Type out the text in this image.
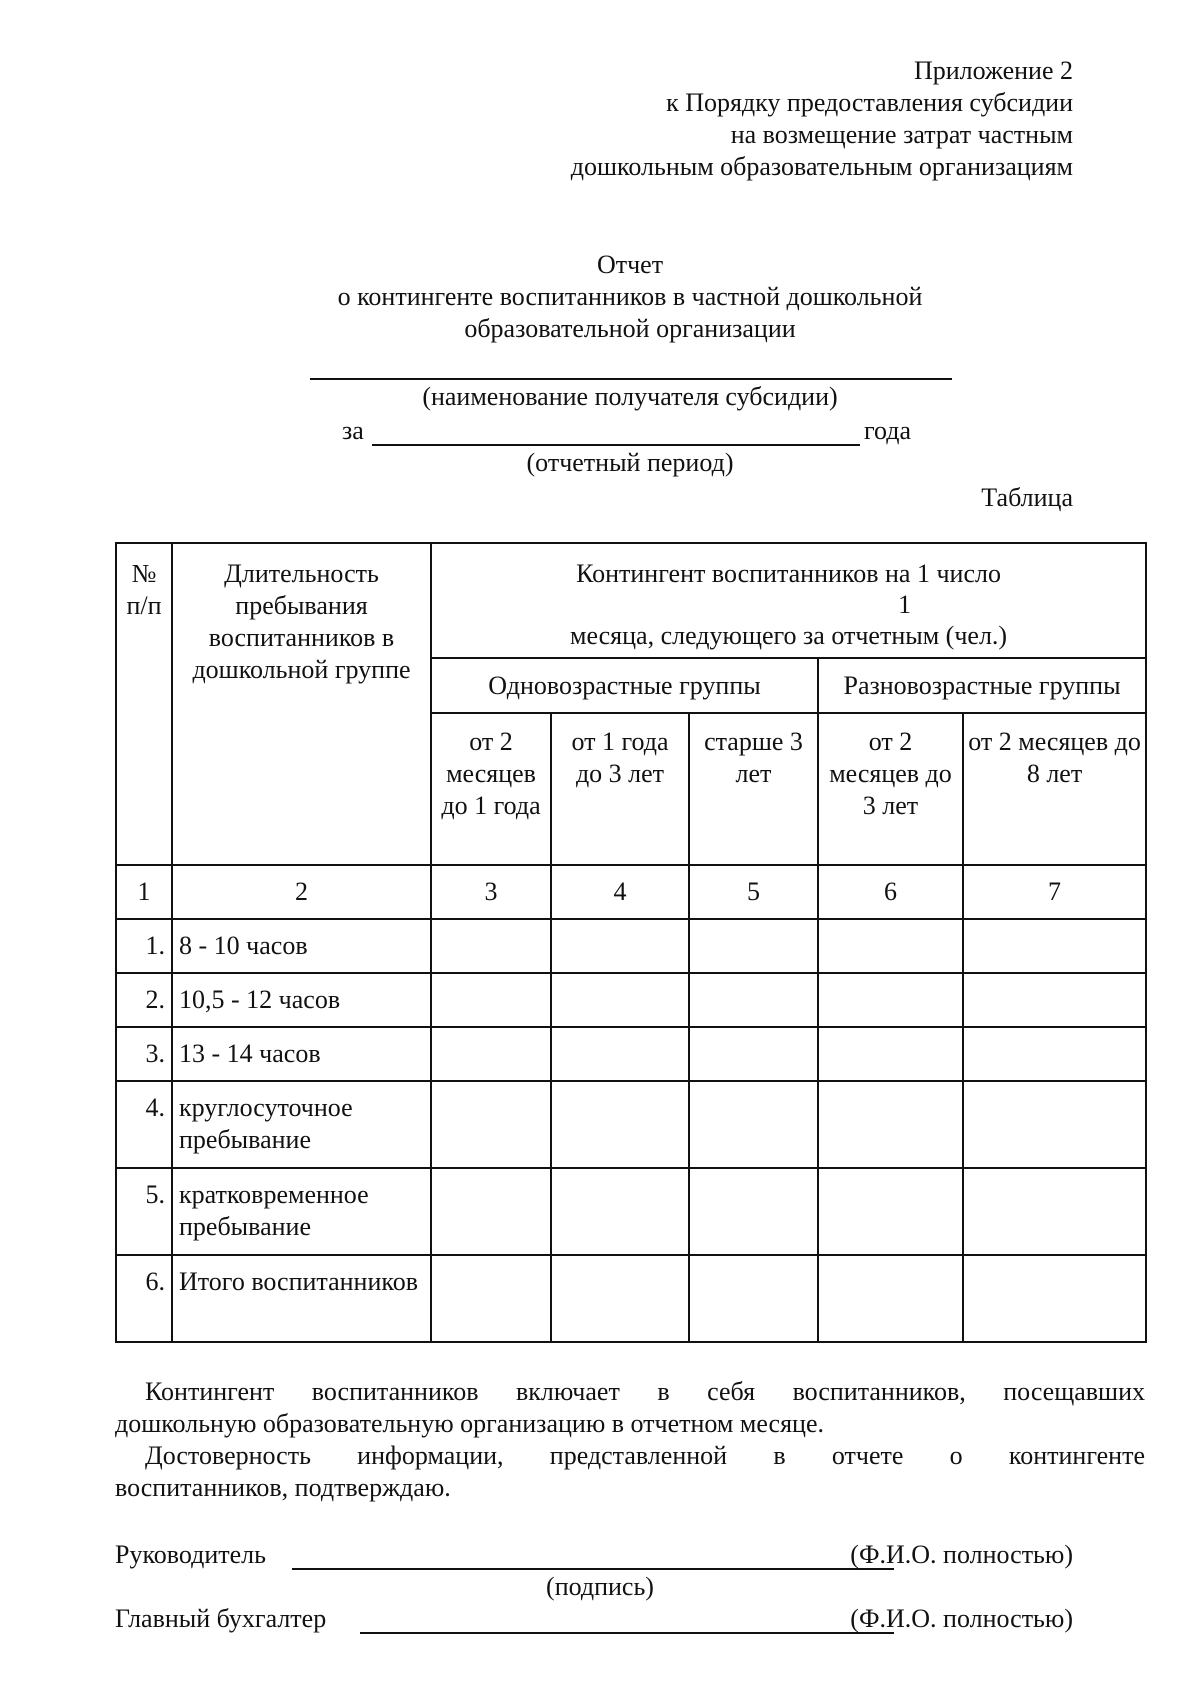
Приложение 2
к Порядку предоставления субсидии
на возмещение затрат частным
дошкольным образовательным организациям
Отчет
о контингенте воспитанников в частной дошкольной
образовательной организации
(наименование получателя субсидии)
за	года
(отчетный период)
Таблица
№ п/п	Длительность пребывания воспитанников в дошкольной группе	Контингент воспитанников на 1 число
1
месяца, следующего за отчетным (чел.)				
		Одновозрастные группы			Разновозрастные группы	
		от 2 месяцев до 1 года	от 1 года до 3 лет	старше 3 лет	от 2 месяцев до 3 лет	от 2 месяцев до 8 лет
1	2	3	4	5	6	7
1.	8 - 10 часов					
2.	10,5 - 12 часов					
3.	13 - 14 часов					
4.	круглосуточное пребывание					
5.	кратковременное пребывание					
6.	Итого воспитанников					
Контингент воспитанников включает в себя воспитанников, посещавших
дошкольную образовательную организацию в отчетном месяце.
Достоверность информации, представленной в отчете о контингенте
воспитанников, подтверждаю.
Руководитель	(Ф.И.О. полностью)
(подпись)
Главный бухгалтер	(Ф.И.О. полностью)
